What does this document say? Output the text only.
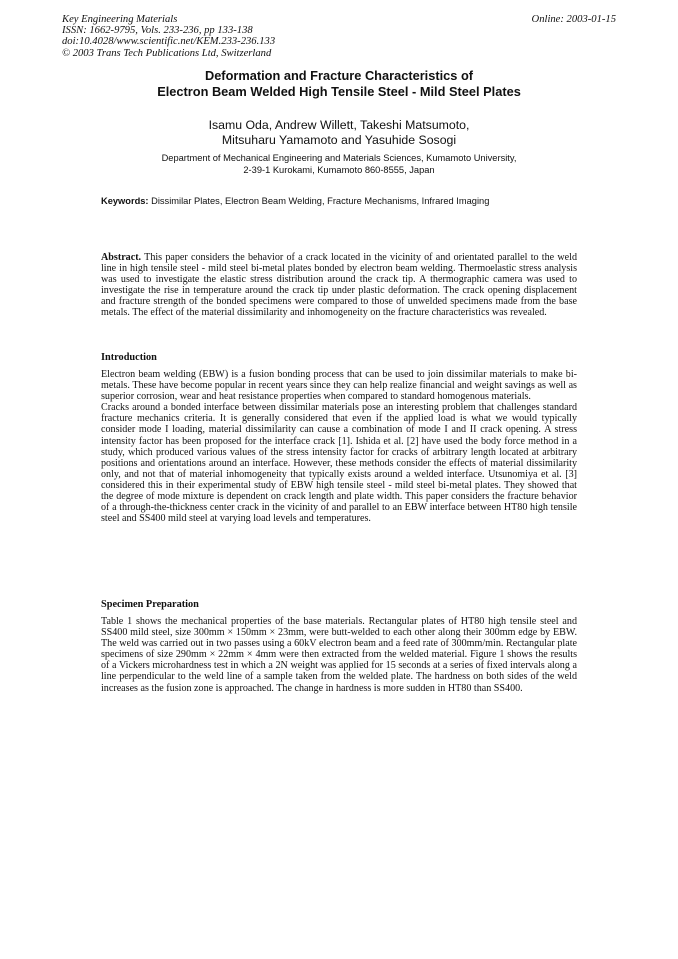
Key Engineering Materials
ISSN: 1662-9795, Vols. 233-236, pp 133-138
doi:10.4028/www.scientific.net/KEM.233-236.133
© 2003 Trans Tech Publications Ltd, Switzerland
Online: 2003-01-15
Deformation and Fracture Characteristics of
Electron Beam Welded High Tensile Steel - Mild Steel Plates
Isamu Oda, Andrew Willett, Takeshi Matsumoto,
Mitsuharu Yamamoto and Yasuhide Sosogi
Department of Mechanical Engineering and Materials Sciences, Kumamoto University,
2-39-1 Kurokami, Kumamoto 860-8555, Japan
Keywords: Dissimilar Plates, Electron Beam Welding, Fracture Mechanisms, Infrared Imaging
Abstract. This paper considers the behavior of a crack located in the vicinity of and orientated parallel to the weld line in high tensile steel - mild steel bi-metal plates bonded by electron beam welding. Thermoelastic stress analysis was used to investigate the elastic stress distribution around the crack tip. A thermographic camera was used to investigate the rise in temperature around the crack tip under plastic deformation. The crack opening displacement and fracture strength of the bonded specimens were compared to those of unwelded specimens made from the base metals. The effect of the material dissimilarity and inhomogeneity on the fracture characteristics was revealed.
Introduction

Electron beam welding (EBW) is a fusion bonding process that can be used to join dissimilar materials to make bi-metals. These have become popular in recent years since they can help realize financial and weight savings as well as superior corrosion, wear and heat resistance properties when compared to standard homogenous materials.

Cracks around a bonded interface between dissimilar materials pose an interesting problem that challenges standard fracture mechanics criteria. It is generally considered that even if the applied load is what we would typically consider mode I loading, material dissimilarity can cause a combination of mode I and II crack opening. A stress intensity factor has been proposed for the interface crack [1]. Ishida et al. [2] have used the body force method in a study, which produced various values of the stress intensity factor for cracks of arbitrary length located at arbitrary positions and orientations around an interface. However, these methods consider the effects of material dissimilarity only, and not that of material inhomogeneity that typically exists around a welded interface. Utsunomiya et al. [3] considered this in their experimental study of EBW high tensile steel - mild steel bi-metal plates. They showed that the degree of mode mixture is dependent on crack length and plate width. This paper considers the fracture behavior of a through-the-thickness center crack in the vicinity of and parallel to an EBW interface between HT80 high tensile steel and SS400 mild steel at varying load levels and temperatures.

Specimen Preparation

Table 1 shows the mechanical properties of the base materials. Rectangular plates of HT80 high tensile steel and SS400 mild steel, size 300mm × 150mm × 23mm, were butt-welded to each other along their 300mm edge by EBW. The weld was carried out in two passes using a 60kV electron beam and a feed rate of 300mm/min. Rectangular plate specimens of size 290mm × 22mm × 4mm were then extracted from the welded material. Figure 1 shows the results of a Vickers microhardness test in which a 2N weight was applied for 15 seconds at a series of fixed intervals along a line perpendicular to the weld line of a sample taken from the welded plate. The hardness on both sides of the weld increases as the fusion zone is approached. The change in hardness is more sudden in HT80 than SS400.
